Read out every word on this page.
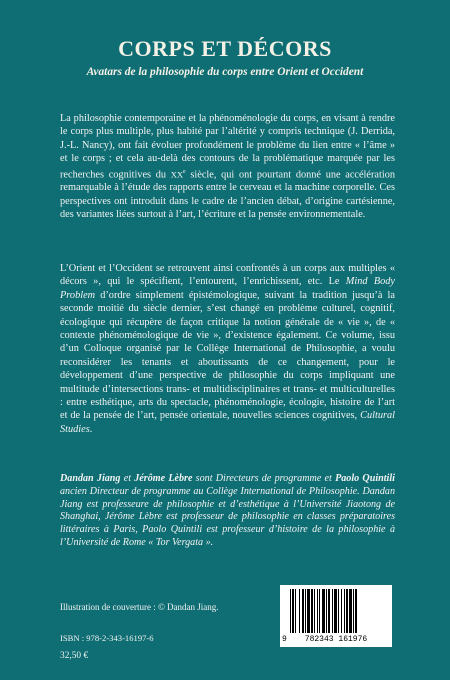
CORPS ET DÉCORS
Avatars de la philosophie du corps entre Orient et Occident

La philosophie contemporaine et la phénoménologie du corps, en visant à rendre le corps plus multiple, plus habité par l’altérité y compris technique (J. Derrida, J.-L. Nancy), ont fait évoluer profondément le problème du lien entre « l’âme » et le corps ; et cela au-delà des contours de la problématique marquée par les recherches cognitives du XXe siècle, qui ont pourtant donné une accélération remarquable à l’étude des rapports entre le cerveau et la machine corporelle. Ces perspectives ont introduit dans le cadre de l’ancien débat, d’origine cartésienne, des variantes liées surtout à l’art, l’écriture et la pensée environnementale.

L’Orient et l’Occident se retrouvent ainsi confrontés à un corps aux multiples « décors », qui le spécifient, l’entourent, l’enrichissent, etc. Le Mind Body Problem d’ordre simplement épistémologique, suivant la tradition jusqu’à la seconde moitié du siècle dernier, s’est changé en problème culturel, cognitif, écologique qui récupère de façon critique la notion générale de « vie », de « contexte phénoménologique de vie », d’existence également. Ce volume, issu d’un Colloque organisé par le Collège International de Philosophie, a voulu reconsidérer les tenants et aboutissants de ce changement, pour le développement d’une perspective de philosophie du corps impliquant une multitude d’intersections trans- et multidisciplinaires et trans- et multiculturelles : entre esthétique, arts du spectacle, phénoménologie, écologie, histoire de l’art et de la pensée de l’art, pensée orientale, nouvelles sciences cognitives, Cultural Studies.

Dandan Jiang et Jérôme Lèbre sont Directeurs de programme et Paolo Quintili ancien Directeur de programme au Collège International de Philosophie. Dandan Jiang est professeure de philosophie et d’esthétique à l’Université Jiaotong de Shanghai, Jérôme Lèbre est professeur de philosophie en classes préparatoires littéraires à Paris, Paolo Quintili est professeur d’histoire de la philosophie à l’Université de Rome « Tor Vergata ».

Illustration de couverture : © Dandan Jiang.

ISBN : 978-2-343-16197-6

32,50 €

9 782343 161976
